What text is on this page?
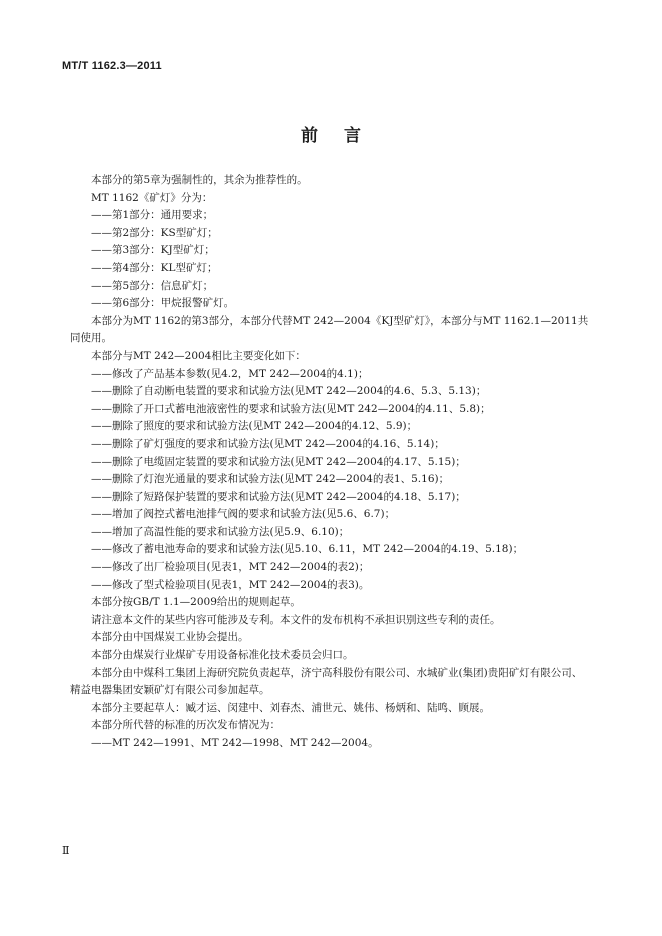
MT/T 1162.3—2011
前言

本部分的第5章为强制性的，其余为推荐性的。

MT 1162《矿灯》分为：

——第1部分：通用要求；

——第2部分：KS型矿灯；

——第3部分：KJ型矿灯；

——第4部分：KL型矿灯；

——第5部分：信息矿灯；

——第6部分：甲烷报警矿灯。

本部分为MT 1162的第3部分，本部分代替MT 242—2004《KJ型矿灯》，本部分与MT 1162.1—2011共同使用。

本部分与MT 242—2004相比主要变化如下：

——修改了产品基本参数(见4.2，MT 242—2004的4.1)；

——删除了自动断电装置的要求和试验方法(见MT 242—2004的4.6、5.3、5.13)；

——删除了开口式蓄电池液密性的要求和试验方法(见MT 242—2004的4.11、5.8)；

——删除了照度的要求和试验方法(见MT 242—2004的4.12、5.9)；

——删除了矿灯强度的要求和试验方法(见MT 242—2004的4.16、5.14)；

——删除了电缆固定装置的要求和试验方法(见MT 242—2004的4.17、5.15)；

——删除了灯泡光通量的要求和试验方法(见MT 242—2004的表1、5.16)；

——删除了短路保护装置的要求和试验方法(见MT 242—2004的4.18、5.17)；

——增加了阀控式蓄电池排气阀的要求和试验方法(见5.6、6.7)；

——增加了高温性能的要求和试验方法(见5.9、6.10)；

——修改了蓄电池寿命的要求和试验方法(见5.10、6.11，MT 242—2004的4.19、5.18)；

——修改了出厂检验项目(见表1，MT 242—2004的表2)；

——修改了型式检验项目(见表1，MT 242—2004的表3)。

本部分按GB/T 1.1—2009给出的规则起草。

请注意本文件的某些内容可能涉及专利。本文件的发布机构不承担识别这些专利的责任。

本部分由中国煤炭工业协会提出。

本部分由煤炭行业煤矿专用设备标准化技术委员会归口。

本部分由中煤科工集团上海研究院负责起草，济宁高科股份有限公司、水城矿业(集团)贵阳矿灯有限公司、精益电器集团安颖矿灯有限公司参加起草。

本部分主要起草人：臧才运、闵建中、刘春杰、浦世元、姚伟、杨炳和、陆鸣、顾展。

本部分所代替的标准的历次发布情况为：

——MT 242—1991、MT 242—1998、MT 242—2004。

Ⅱ
